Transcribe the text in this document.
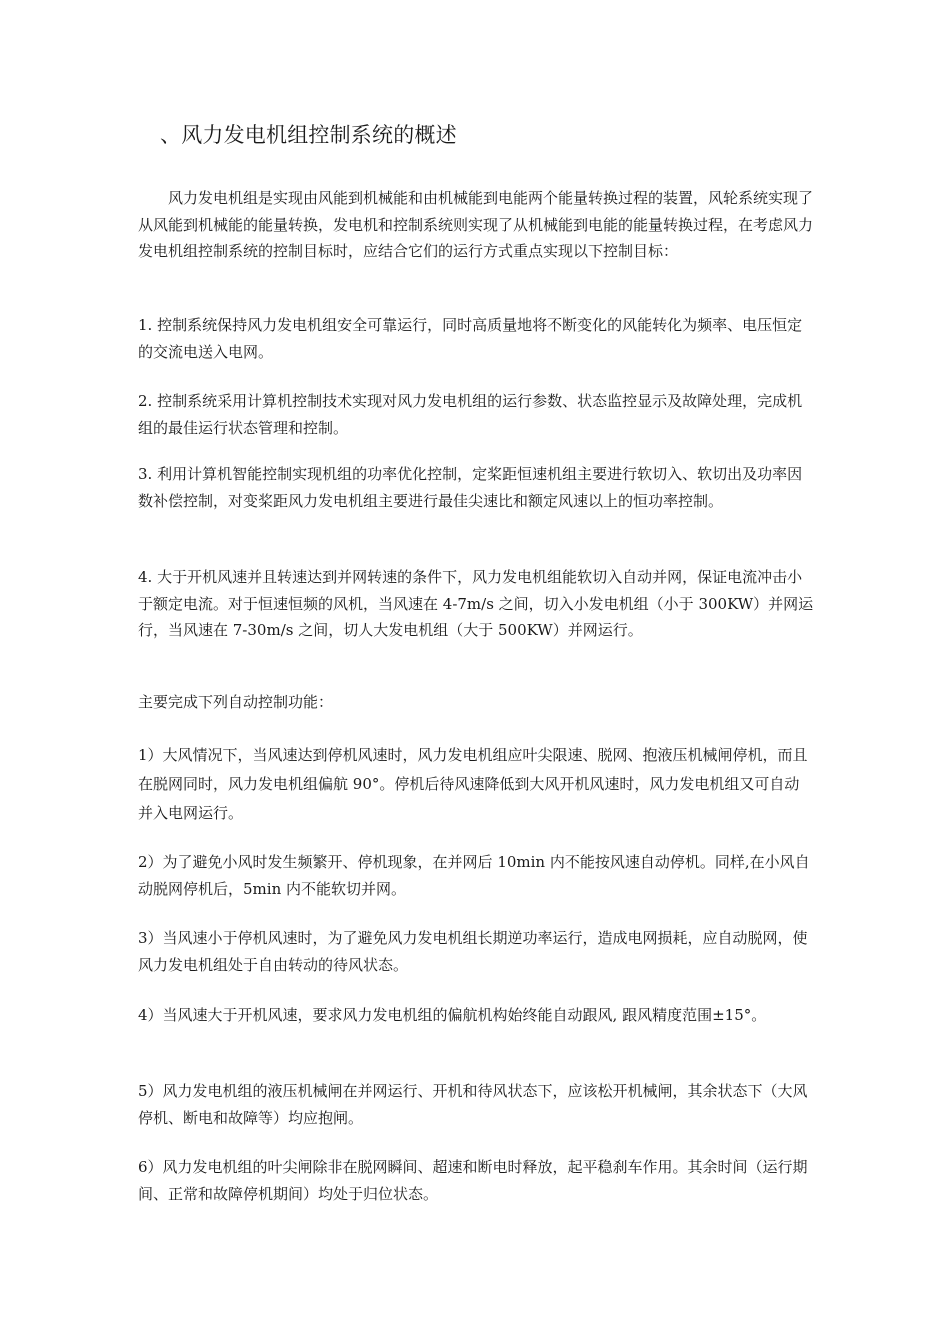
、风力发电机组控制系统的概述

风力发电机组是实现由风能到机械能和由机械能到电能两个能量转换过程的装置，风轮系统实现了从风能到机械能的能量转换，发电机和控制系统则实现了从机械能到电能的能量转换过程，在考虑风力发电机组控制系统的控制目标时，应结合它们的运行方式重点实现以下控制目标：

1. 控制系统保持风力发电机组安全可靠运行，同时高质量地将不断变化的风能转化为频率、电压恒定的交流电送入电网。

2. 控制系统采用计算机控制技术实现对风力发电机组的运行参数、状态监控显示及故障处理，完成机组的最佳运行状态管理和控制。

3. 利用计算机智能控制实现机组的功率优化控制，定桨距恒速机组主要进行软切入、软切出及功率因数补偿控制，对变桨距风力发电机组主要进行最佳尖速比和额定风速以上的恒功率控制。

4. 大于开机风速并且转速达到并网转速的条件下，风力发电机组能软切入自动并网，保证电流冲击小于额定电流。对于恒速恒频的风机，当风速在 4-7m/s 之间，切入小发电机组（小于 300KW）并网运行，当风速在 7-30m/s 之间，切人大发电机组（大于 500KW）并网运行。

主要完成下列自动控制功能：

1）大风情况下，当风速达到停机风速时，风力发电机组应叶尖限速、脱网、抱液压机械闸停机，而且在脱网同时，风力发电机组偏航 90°。停机后待风速降低到大风开机风速时，风力发电机组又可自动并入电网运行。

2）为了避免小风时发生频繁开、停机现象，在并网后 10min 内不能按风速自动停机。同样,在小风自动脱网停机后，5min 内不能软切并网。

3）当风速小于停机风速时，为了避免风力发电机组长期逆功率运行，造成电网损耗，应自动脱网，使风力发电机组处于自由转动的待风状态。

4）当风速大于开机风速，要求风力发电机组的偏航机构始终能自动跟风, 跟风精度范围±15°。

5）风力发电机组的液压机械闸在并网运行、开机和待风状态下，应该松开机械闸，其余状态下（大风停机、断电和故障等）均应抱闸。

6）风力发电机组的叶尖闸除非在脱网瞬间、超速和断电时释放，起平稳刹车作用。其余时间（运行期间、正常和故障停机期间）均处于归位状态。
